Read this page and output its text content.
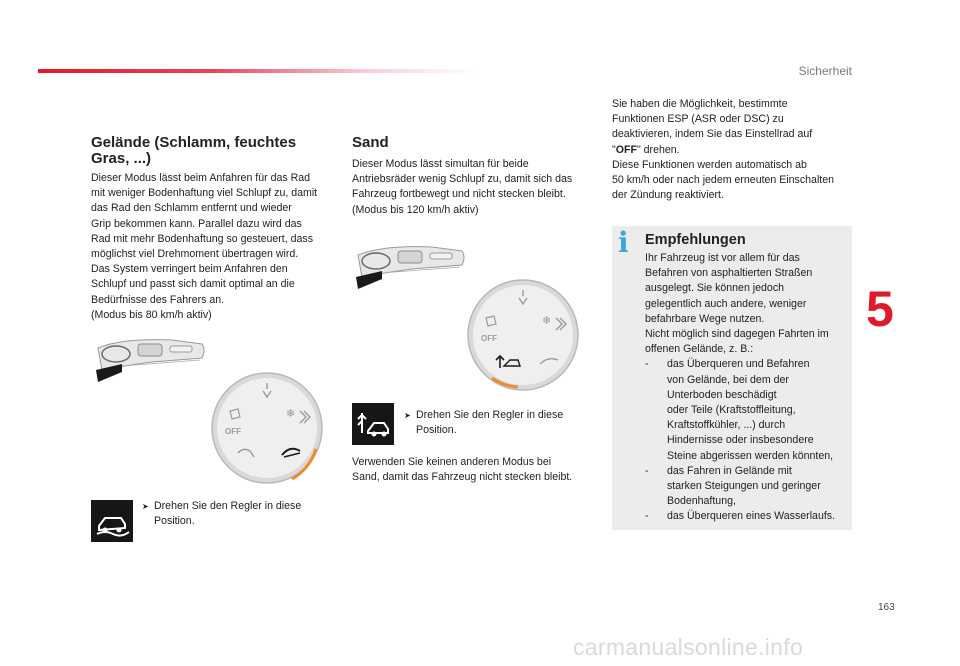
Sicherheit
5
163
Gelände (Schlamm, feuchtes Gras, ...)
Dieser Modus lässt beim Anfahren für das Rad
mit weniger Bodenhaftung viel Schlupf zu, damit
das Rad den Schlamm entfernt und wieder
Grip bekommen kann. Parallel dazu wird das
Rad mit mehr Bodenhaftung so gesteuert, dass
möglichst viel Drehmoment übertragen wird.
Das System verringert beim Anfahren den
Schlupf und passt sich damit optimal an die
Bedürfnisse des Fahrers an.
(Modus bis 80 km/h aktiv)
❄
OFF
➤ Drehen Sie den Regler in diese
Position.
Sand
Dieser Modus lässt simultan für beide
Antriebsräder wenig Schlupf zu, damit sich das
Fahrzeug fortbewegt und nicht stecken bleibt.
(Modus bis 120 km/h aktiv)
❄
OFF
➤ Drehen Sie den Regler in diese
Position.
Verwenden Sie keinen anderen Modus bei
Sand, damit das Fahrzeug nicht stecken bleibt.
Sie haben die Möglichkeit, bestimmte
Funktionen ESP (ASR oder DSC) zu
deaktivieren, indem Sie das Einstellrad auf
"OFF" drehen.
Diese Funktionen werden automatisch ab
50 km/h oder nach jedem erneuten Einschalten
der Zündung reaktiviert.
i Empfehlungen
Ihr Fahrzeug ist vor allem für das
Befahren von asphaltierten Straßen
ausgelegt. Sie können jedoch
gelegentlich auch andere, weniger
befahrbare Wege nutzen.
Nicht möglich sind dagegen Fahrten im
offenen Gelände, z. B.:
-	das Überqueren und Befahren
von Gelände, bei dem der
Unterboden beschädigt
oder Teile (Kraftstoffleitung,
Kraftstoffkühler, ...) durch
Hindernisse oder insbesondere
Steine abgerissen werden könnten,
-	das Fahren in Gelände mit
starken Steigungen und geringer
Bodenhaftung,
-	das Überqueren eines Wasserlaufs.
carmanualsonline.info
